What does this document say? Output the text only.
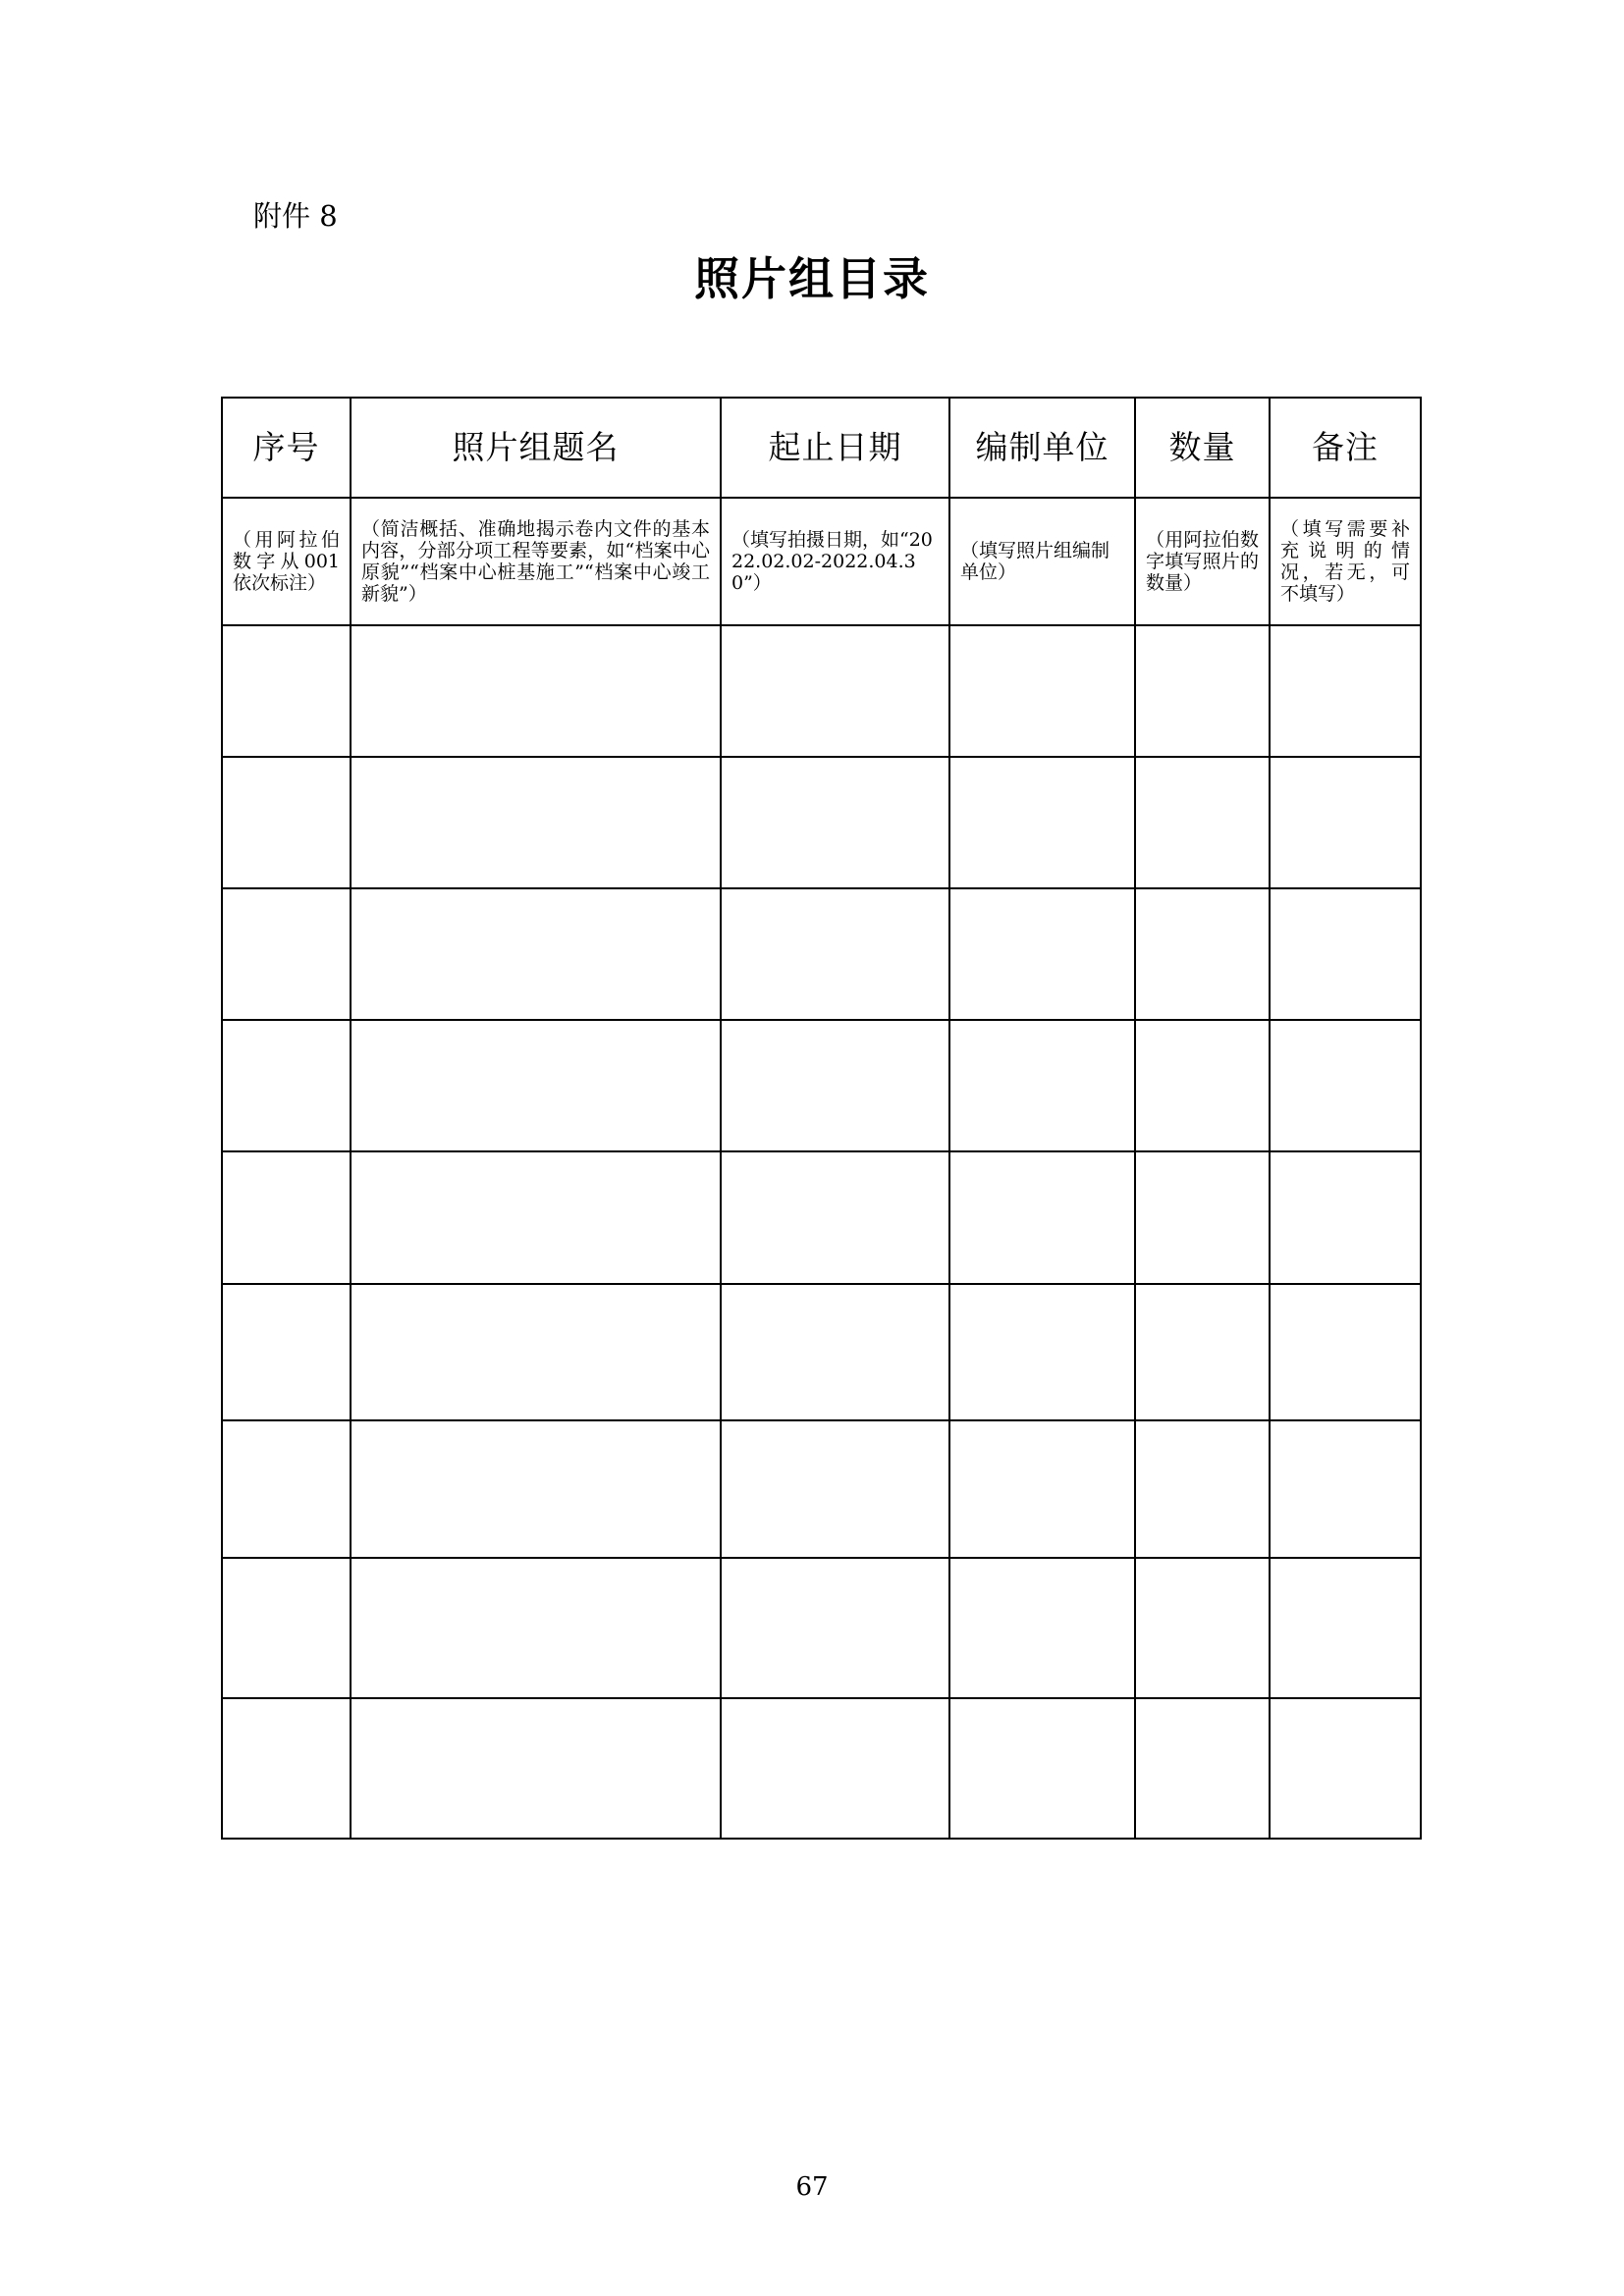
附件 8
照片组目录
序号	照片组题名	起止日期	编制单位	数量	备注

（用阿拉伯数字从001依次标注）	（简洁概括、准确地揭示卷内文件的基本内容，分部分项工程等要素，如“档案中心原貌”“档案中心桩基施工”“档案中心竣工新貌”）	（填写拍摄日期，如“2022.02.02-2022.04.30”）	（填写照片组编制单位）	（用阿拉伯数字填写照片的数量）	（填写需要补充说明的情况，若无，可不填写）

67
